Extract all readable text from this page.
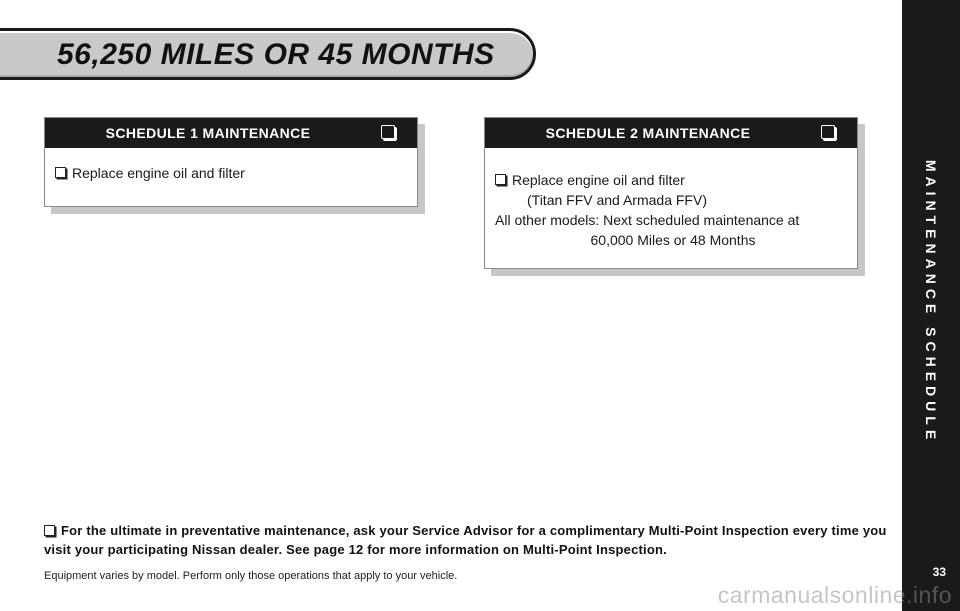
56,250 MILES OR 45 MONTHS
MAINTENANCE SCHEDULE
33
SCHEDULE 1 MAINTENANCE
Replace engine oil and filter
SCHEDULE 2 MAINTENANCE
Replace engine oil and filter
(Titan FFV and Armada FFV)
All other models: Next scheduled maintenance at
60,000 Miles or 48 Months
For the ultimate in preventative maintenance, ask your Service Advisor for a complimentary Multi-Point Inspection every time you visit your participating Nissan dealer. See page 12 for more information on Multi-Point Inspection.
Equipment varies by model. Perform only those operations that apply to your vehicle.
carmanualsonline.info
